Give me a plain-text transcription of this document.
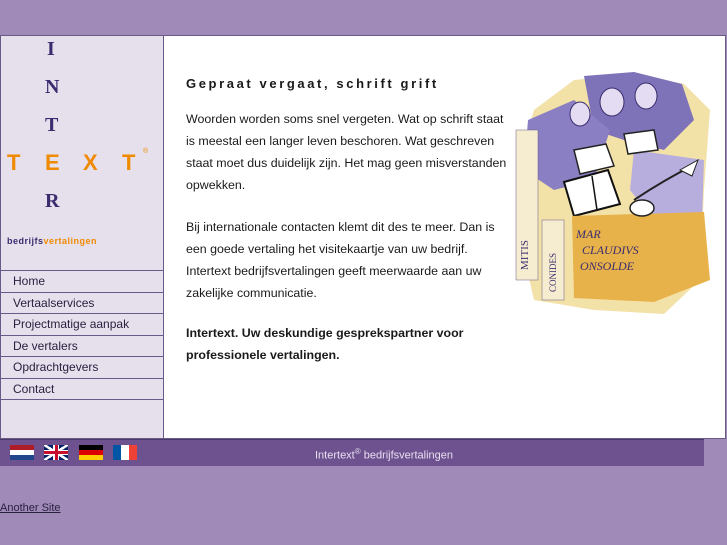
I
N
T
T E X T ®
R
bedrijfsvertalingen
Home
Vertaalservices
Projectmatige aanpak
De vertalers
Opdrachtgevers
Contact
Gepraat vergaat, schrift grift

Woorden worden soms snel vergeten. Wat op schrift staat is meestal een langer leven beschoren. Wat geschreven staat moet dus duidelijk zijn. Het mag geen misverstanden opwekken.

Bij internationale contacten klemt dit des te meer. Dan is een goede vertaling het visitekaartje van uw bedrijf. Intertext bedrijfsvertalingen geeft meerwaarde aan uw zakelijke communicatie.

Intertext. Uw deskundige gesprekspartner voor professionele vertalingen.

MITIS CONIDES
MAR
CLAUDIVS
ONSOLDE

Intertext® bedrijfsvertalingen
Another Site
